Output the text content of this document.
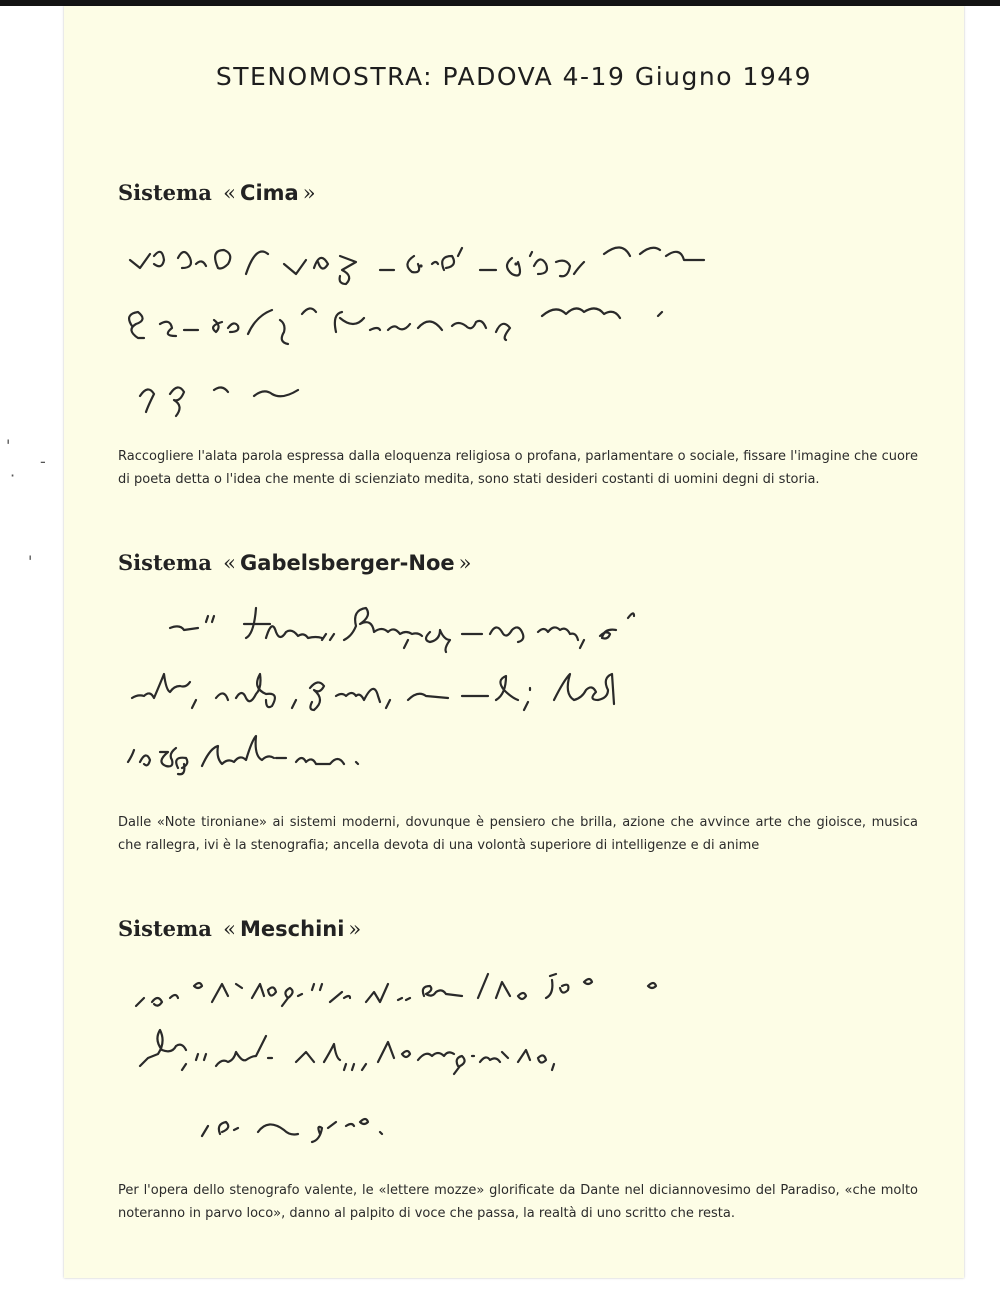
'
·
-
'
STENOMOSTRA: PADOVA 4-19 Giugno 1949
Sistema « Cima »
Raccogliere l'alata parola espressa dalla eloquenza religiosa o profana, parlamentare o sociale, fissare l'imagine che cuore di poeta detta o l'idea che mente di scienziato medita, sono stati desideri costanti di uomini degni di storia.
Sistema « Gabelsberger-Noe »
Dalle «Note tironiane» ai sistemi moderni, dovunque è pensiero che brilla, azione che avvince arte che gioisce, musica che rallegra, ivi è la stenografia; ancella devota di una volontà superiore di intelligenze e di anime
Sistema « Meschini »
Per l'opera dello stenografo valente, le «lettere mozze» glorificate da Dante nel diciannovesimo del Paradiso, «che molto noteranno in parvo loco», danno al palpito di voce che passa, la realtà di uno scritto che resta.
